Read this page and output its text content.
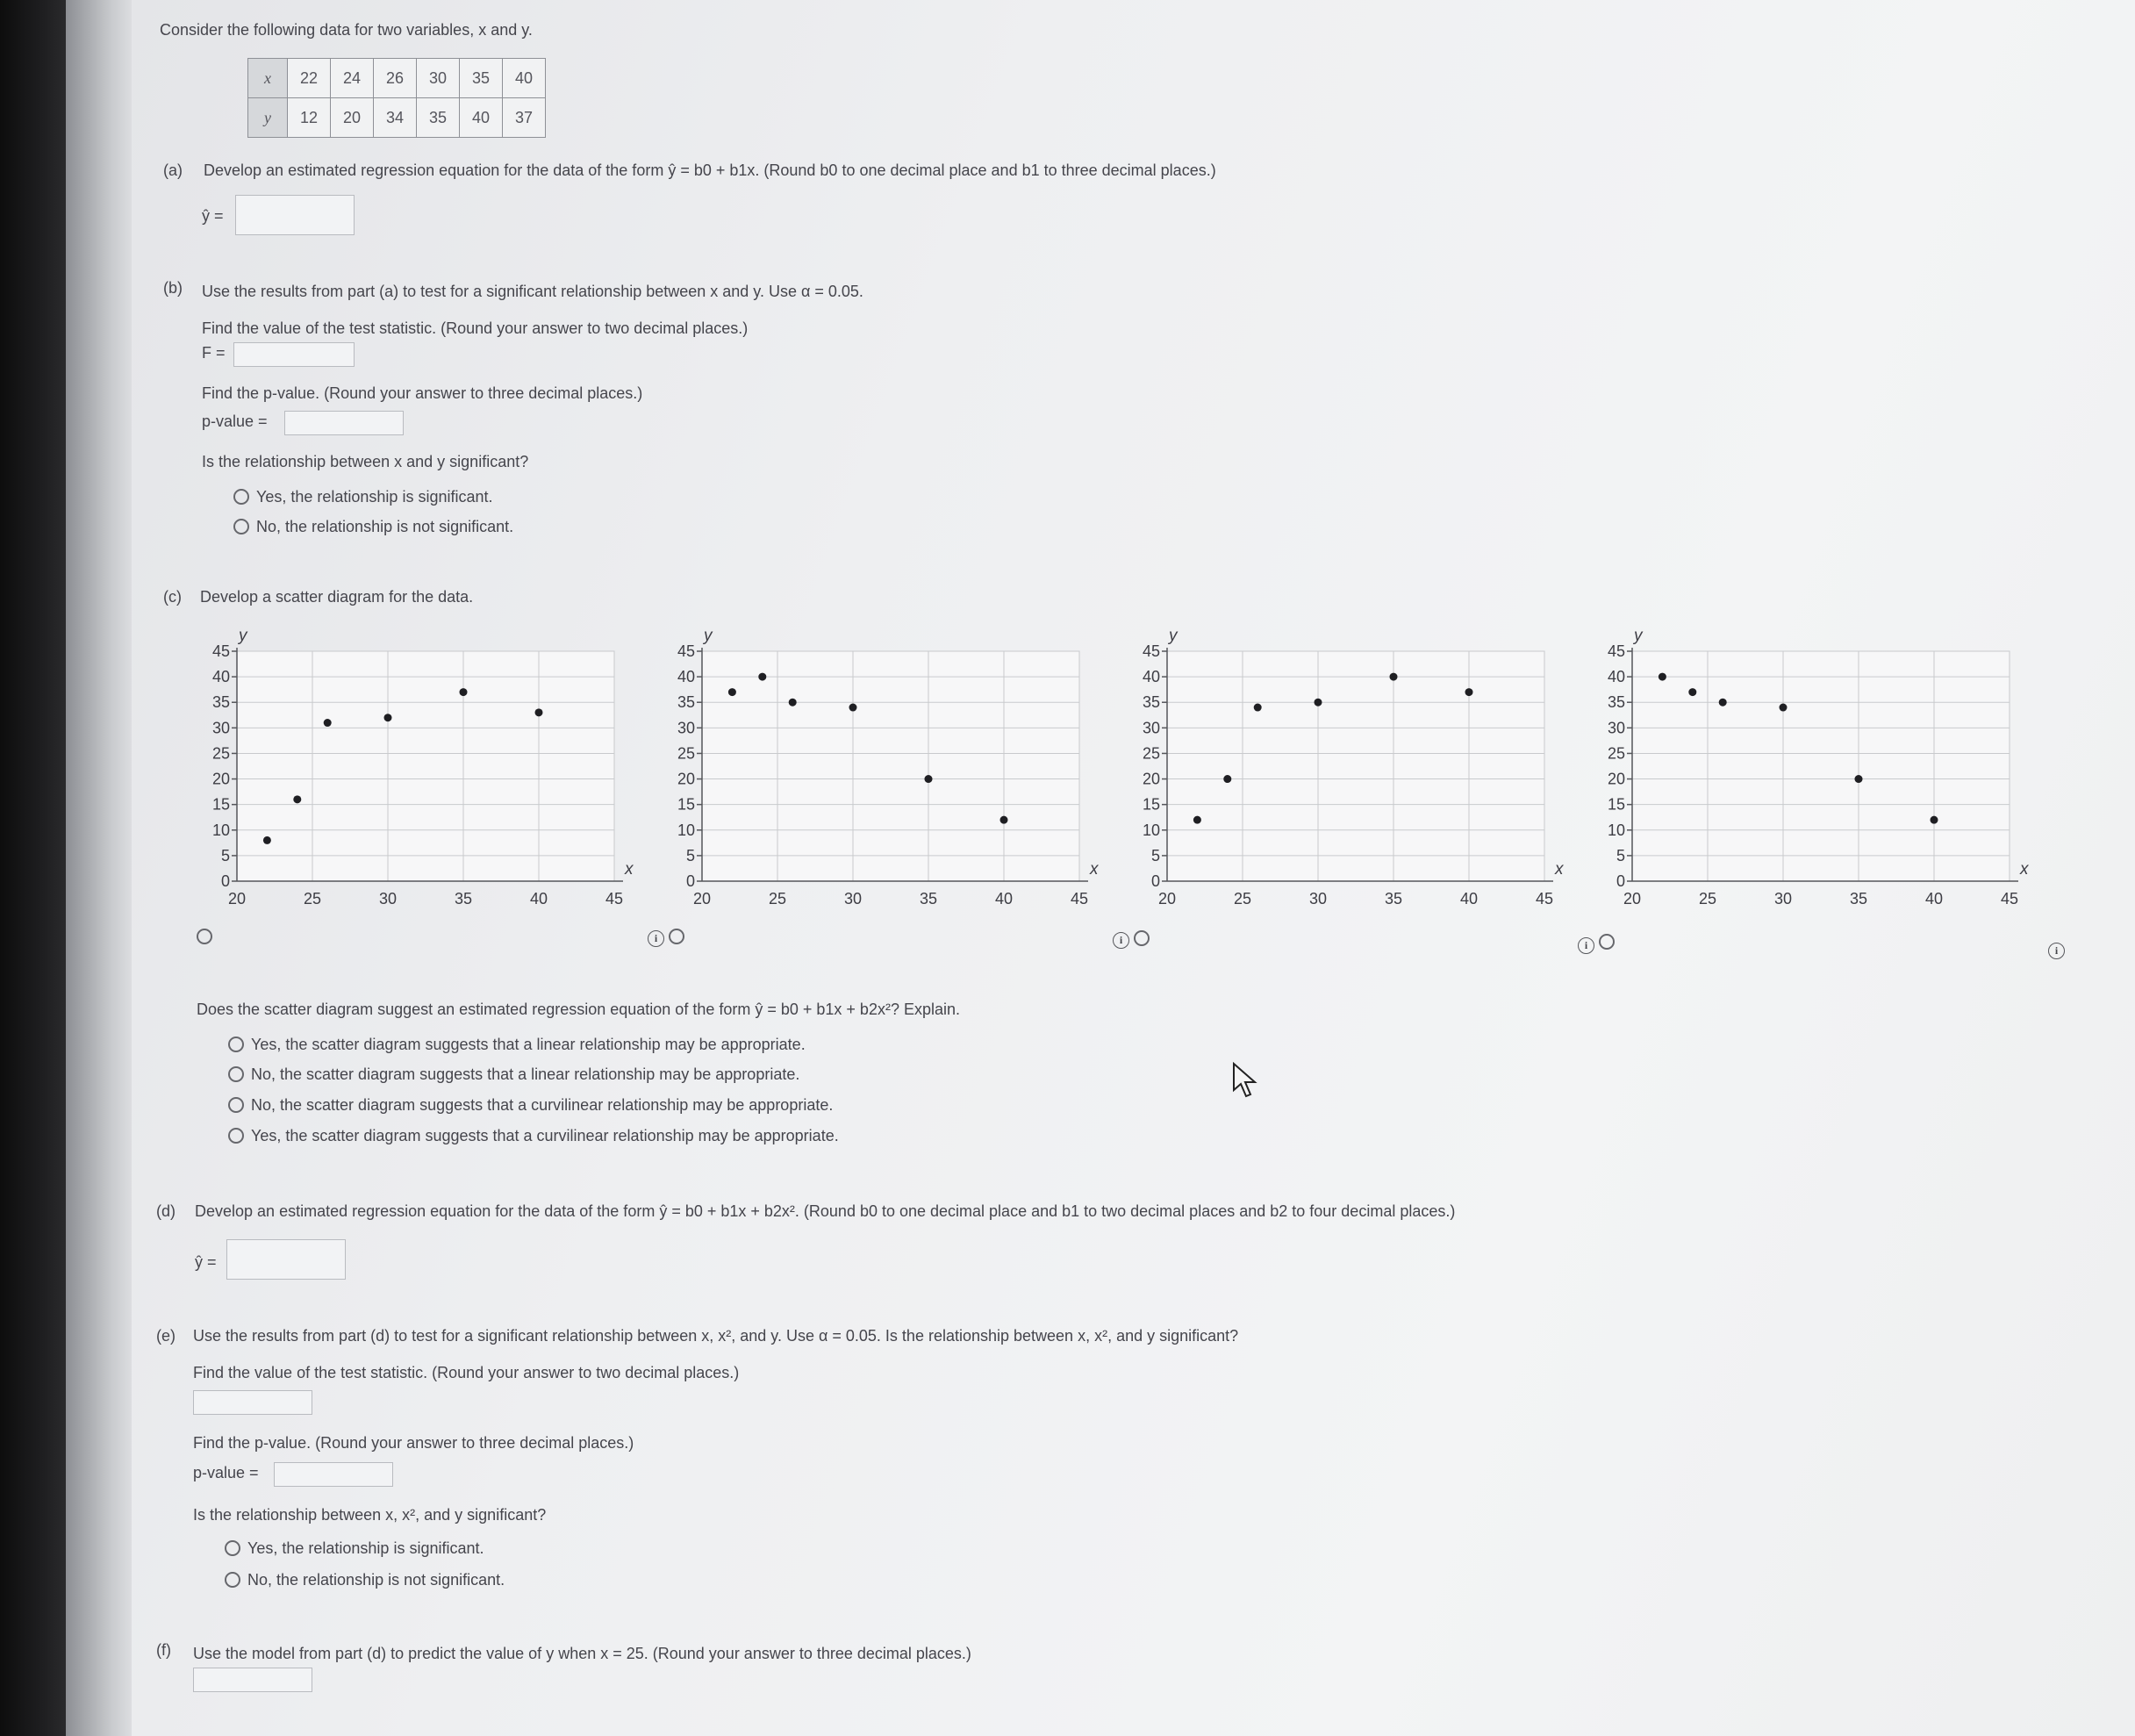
Consider the following data for two variables, x and y.
x	22	24	26	30	35	40
y	12	20	34	35	40	37
(a) Develop an estimated regression equation for the data of the form ŷ = b0 + b1x. (Round b0 to one decimal place and b1 to three decimal places.)
ŷ =
(b) Use the results from part (a) to test for a significant relationship between x and y. Use α = 0.05.
Find the value of the test statistic. (Round your answer to two decimal places.)
F =
Find the p-value. (Round your answer to three decimal places.)
p-value =
Is the relationship between x and y significant?
Yes, the relationship is significant.
No, the relationship is not significant.
(c) Develop a scatter diagram for the data.
20	25	30	35	40	45
0
5
10
15
20
25
30
35
40
45
y
x
20	25	30	35	40	45
0
5
10
15
20
25
30
35
40
45
y
x
20	25	30	35	40	45
0
5
10
15
20
25
30
35
40
45
y
x
20	25	30	35	40	45
0
5
10
15
20
25
30
35
40
45
y
x
i	i	i	i
Does the scatter diagram suggest an estimated regression equation of the form ŷ = b0 + b1x + b2x²? Explain.
Yes, the scatter diagram suggests that a linear relationship may be appropriate.
No, the scatter diagram suggests that a linear relationship may be appropriate.
No, the scatter diagram suggests that a curvilinear relationship may be appropriate.
Yes, the scatter diagram suggests that a curvilinear relationship may be appropriate.
(d) Develop an estimated regression equation for the data of the form ŷ = b0 + b1x + b2x². (Round b0 to one decimal place and b1 to two decimal places and b2 to four decimal places.)
ŷ =
(e) Use the results from part (d) to test for a significant relationship between x, x², and y. Use α = 0.05. Is the relationship between x, x², and y significant?
Find the value of the test statistic. (Round your answer to two decimal places.)
Find the p-value. (Round your answer to three decimal places.)
p-value =
Is the relationship between x, x², and y significant?
Yes, the relationship is significant.
No, the relationship is not significant.
(f) Use the model from part (d) to predict the value of y when x = 25. (Round your answer to three decimal places.)
